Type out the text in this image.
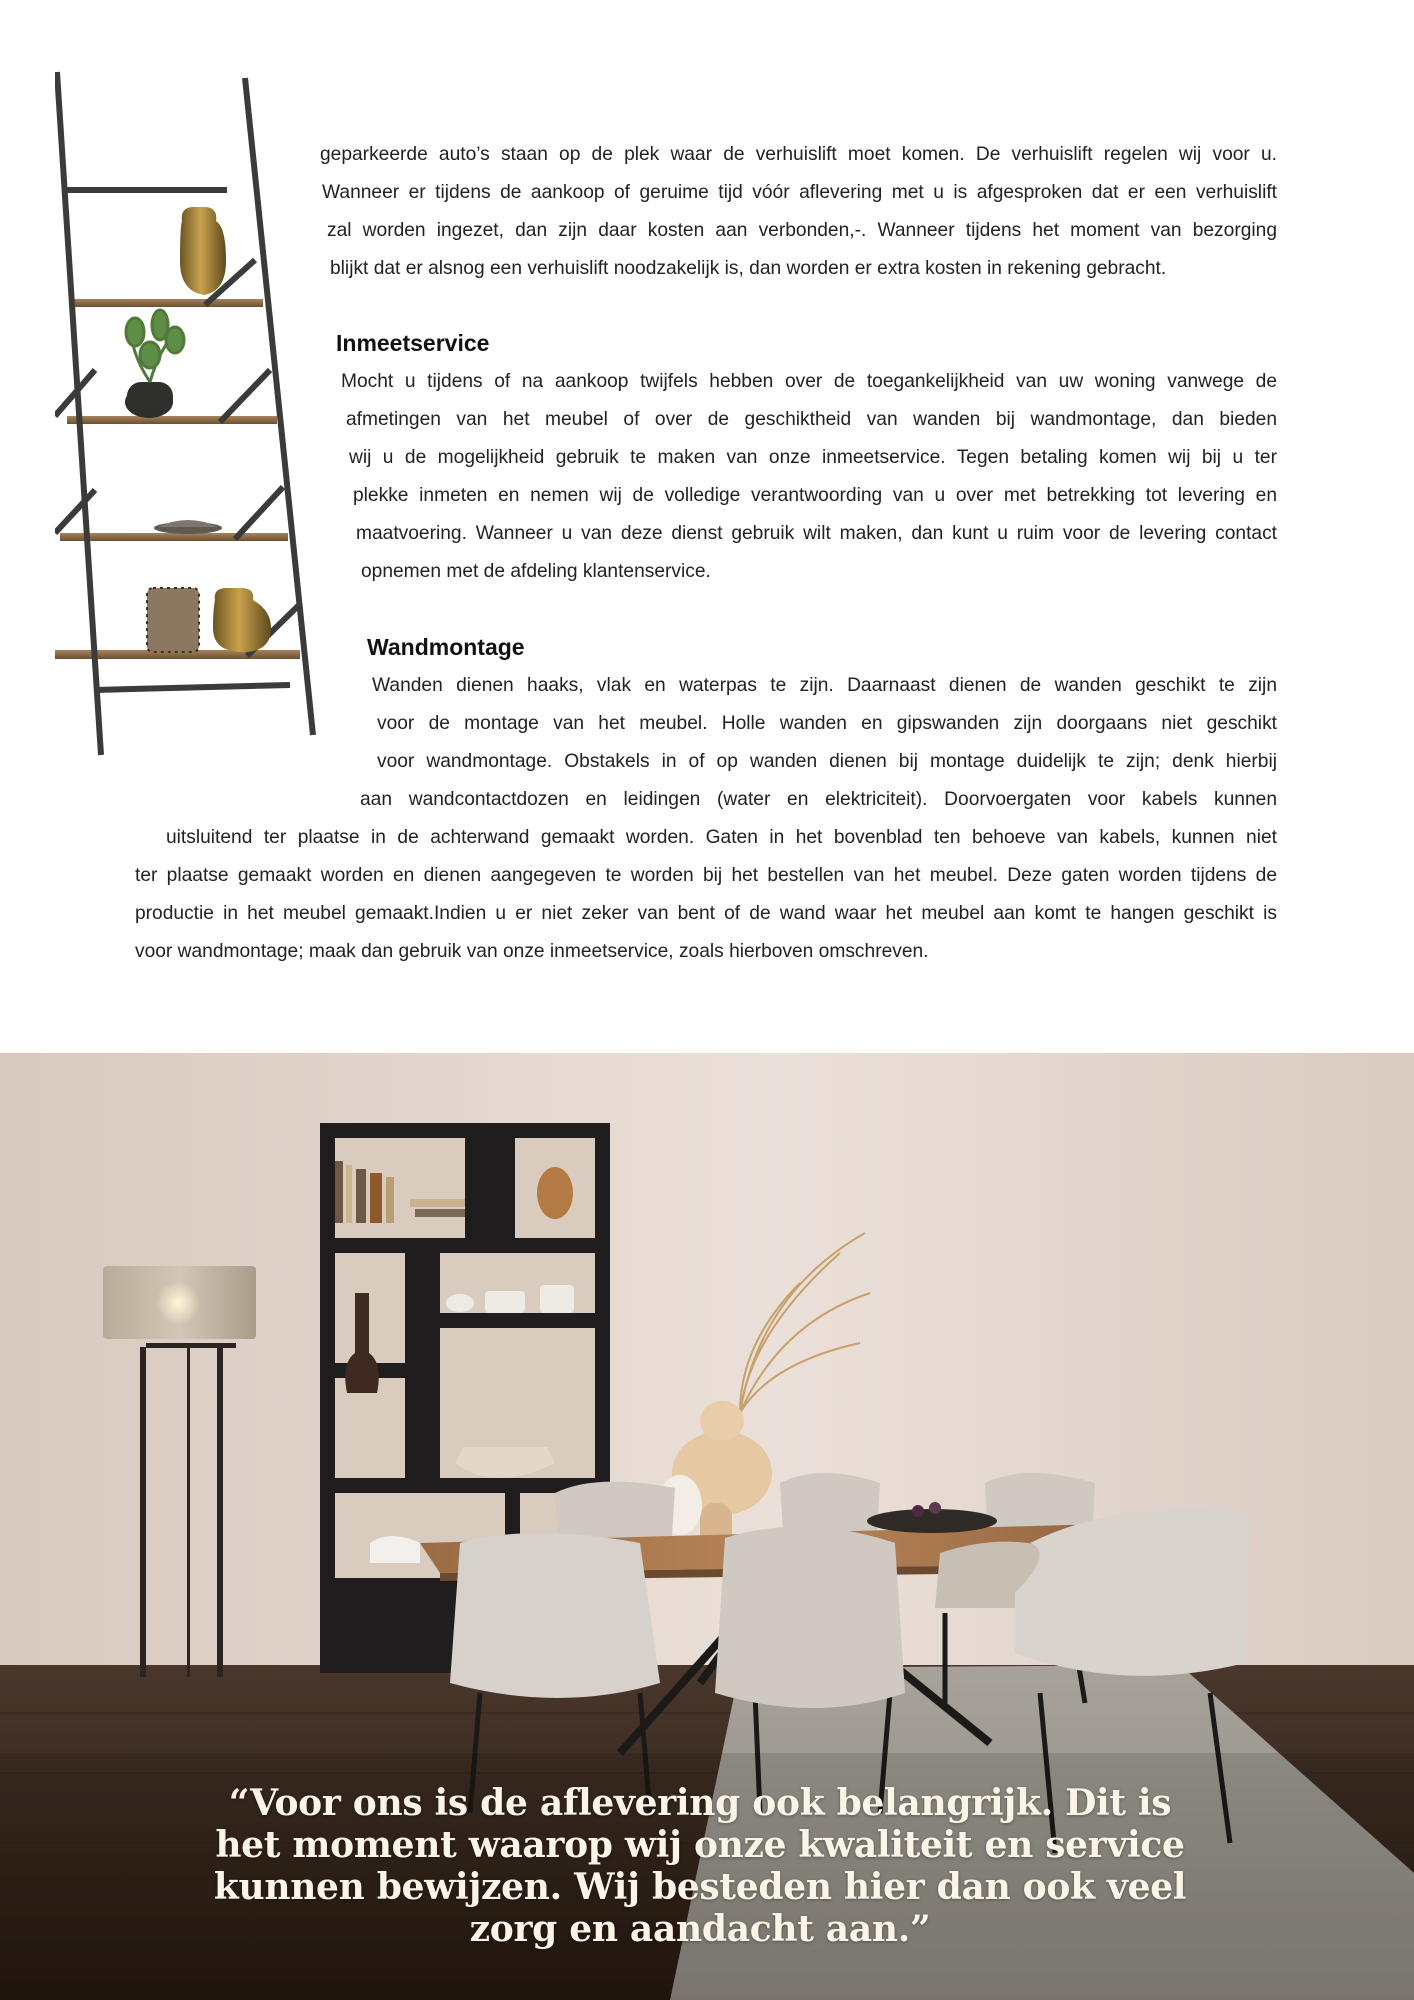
geparkeerde auto’s staan op de plek waar de verhuislift moet komen. De verhuislift regelen wij voor u.
Wanneer er tijdens de aankoop of geruime tijd vóór aflevering met u is afgesproken dat er een verhuislift
zal worden ingezet, dan zijn daar kosten aan verbonden,-. Wanneer tijdens het moment van bezorging
blijkt dat er alsnog een verhuislift noodzakelijk is, dan worden er extra kosten in rekening gebracht.
Inmeetservice
Mocht u tijdens of na aankoop twijfels hebben over de toegankelijkheid van uw woning vanwege de
afmetingen van het meubel of over de geschiktheid van wanden bij wandmontage, dan bieden
wij u de mogelijkheid gebruik te maken van onze inmeetservice. Tegen betaling komen wij bij u ter
plekke inmeten en nemen wij de volledige verantwoording van u over met betrekking tot levering en
maatvoering. Wanneer u van deze dienst gebruik wilt maken, dan kunt u ruim voor de levering contact
opnemen met de afdeling klantenservice.
Wandmontage
Wanden dienen haaks, vlak en waterpas te zijn. Daarnaast dienen de wanden geschikt te zijn
voor de montage van het meubel. Holle wanden en gipswanden zijn doorgaans niet geschikt
voor wandmontage. Obstakels in of op wanden dienen bij montage duidelijk te zijn; denk hierbij
aan wandcontactdozen en leidingen (water en elektriciteit). Doorvoergaten voor kabels kunnen
uitsluitend ter plaatse in de achterwand gemaakt worden. Gaten in het bovenblad ten behoeve van kabels, kunnen niet
ter plaatse gemaakt worden en dienen aangegeven te worden bij het bestellen van het meubel. Deze gaten worden tijdens de
productie in het meubel gemaakt.Indien u er niet zeker van bent of de wand waar het meubel aan komt te hangen geschikt is
voor wandmontage; maak dan gebruik van onze inmeetservice, zoals hierboven omschreven.
“Voor ons is de aflevering ook belangrijk. Dit is
het moment waarop wij onze kwaliteit en service
kunnen bewijzen. Wij besteden hier dan ook veel
zorg en aandacht aan.”
